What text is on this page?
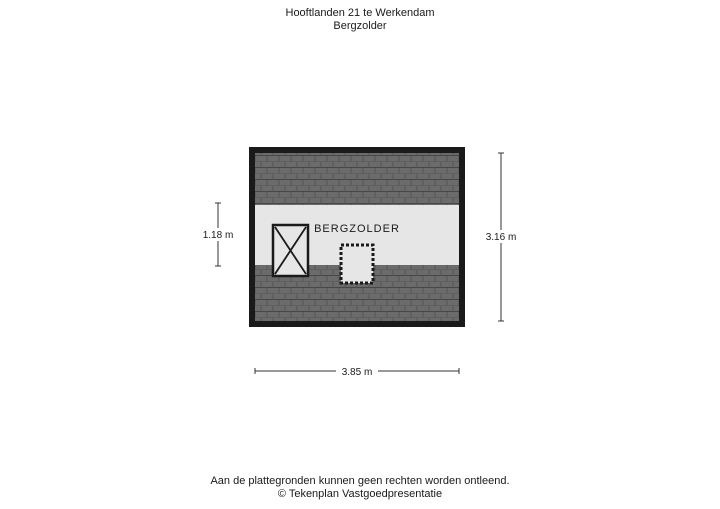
Hooftlanden 21 te Werkendam
Bergzolder
BERGZOLDER
1.18 m	3.16 m
3.85 m
Aan de plattegronden kunnen geen rechten worden ontleend.
© Tekenplan Vastgoedpresentatie
